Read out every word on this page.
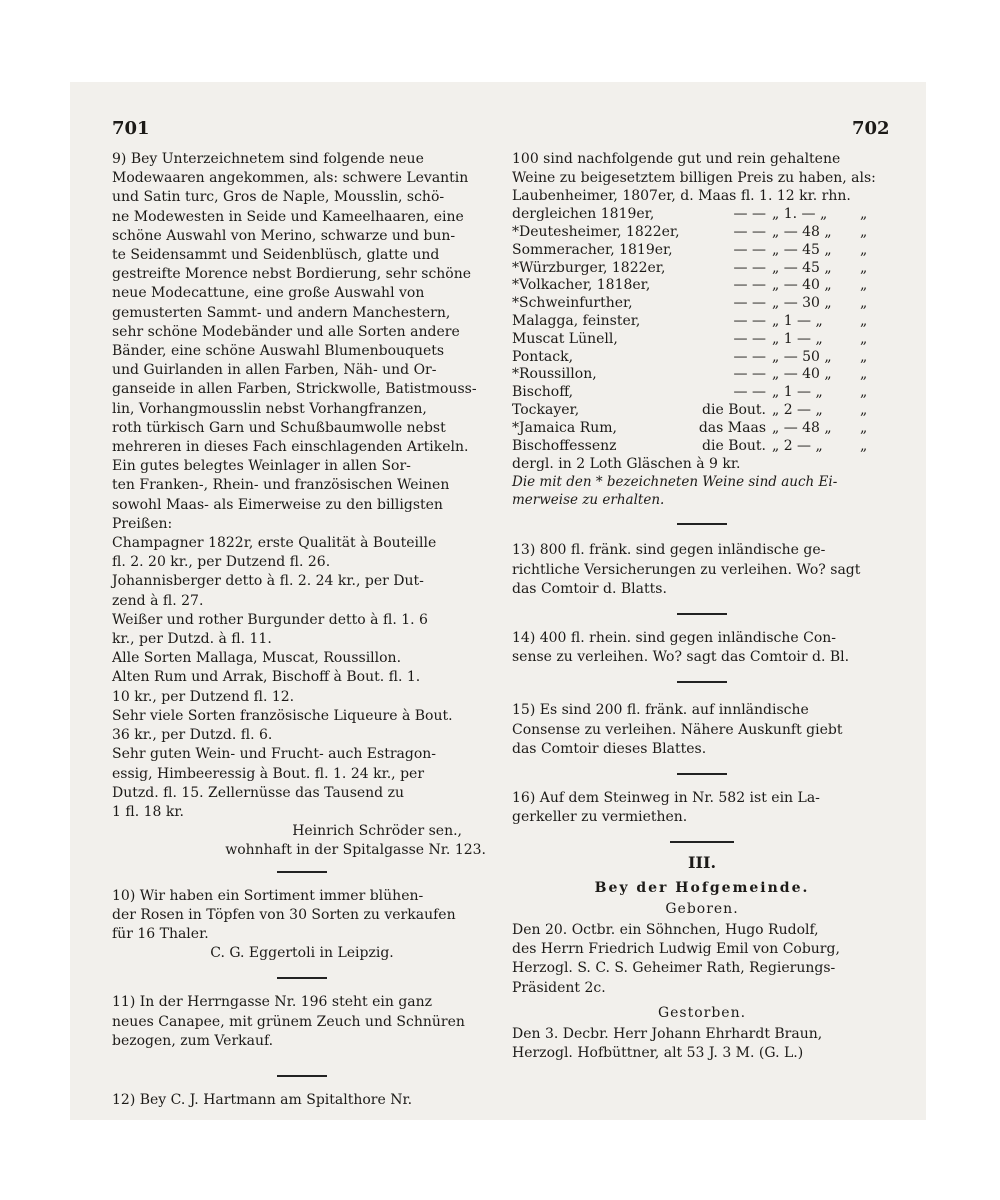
701	702
9) Bey Unterzeichnetem sind folgende neue
Modewaaren angekommen, als: schwere Levantin
und Satin turc, Gros de Naple, Mousslin, schö-
ne Modewesten in Seide und Kameelhaaren, eine
schöne Auswahl von Merino, schwarze und bun-
te Seidensammt und Seidenblüsch, glatte und
gestreifte Morence nebst Bordierung, sehr schöne
neue Modecattune, eine große Auswahl von
gemusterten Sammt- und andern Manchestern,
sehr schöne Modebänder und alle Sorten andere
Bänder, eine schöne Auswahl Blumenbouquets
und Guirlanden in allen Farben, Näh- und Or-
ganseide in allen Farben, Strickwolle, Batistmouss-
lin, Vorhangmousslin nebst Vorhangfranzen,
roth türkisch Garn und Schußbaumwolle nebst
mehreren in dieses Fach einschlagenden Artikeln.
Ein gutes belegtes Weinlager in allen Sor-
ten Franken-, Rhein- und französischen Weinen
sowohl Maas- als Eimerweise zu den billigsten
Preißen:
Champagner 1822r, erste Qualität à Bouteille
fl. 2. 20 kr., per Dutzend fl. 26.
Johannisberger detto à fl. 2. 24 kr., per Dut-
zend à fl. 27.
Weißer und rother Burgunder detto à fl. 1. 6
kr., per Dutzd. à fl. 11.
Alle Sorten Mallaga, Muscat, Roussillon.
Alten Rum und Arrak, Bischoff à Bout. fl. 1.
10 kr., per Dutzend fl. 12.
Sehr viele Sorten französische Liqueure à Bout.
36 kr., per Dutzd. fl. 6.
Sehr guten Wein- und Frucht- auch Estragon-
essig, Himbeeressig à Bout. fl. 1. 24 kr., per
Dutzd. fl. 15. Zellernüsse das Tausend zu
1 fl. 18 kr.
Heinrich Schröder sen.,
wohnhaft in der Spitalgasse Nr. 123.
10) Wir haben ein Sortiment immer blühen-
der Rosen in Töpfen von 30 Sorten zu verkaufen
für 16 Thaler.
C. G. Eggertoli in Leipzig.
11) In der Herrngasse Nr. 196 steht ein ganz
neues Canapee, mit grünem Zeuch und Schnüren
bezogen, zum Verkauf.
12) Bey C. J. Hartmann am Spitalthore Nr.
100 sind nachfolgende gut und rein gehaltene
Weine zu beigesetztem billigen Preis zu haben, als:
Laubenheimer, 1807er, d. Maas fl. 1. 12 kr. rhn.
dergleichen 1819er,	— — „ 1. — „	„
*Deutesheimer, 1822er,	— — „ — 48 „	„
Sommeracher, 1819er,	— — „ — 45 „	„
*Würzburger, 1822er,	— — „ — 45 „	„
*Volkacher, 1818er,	— — „ — 40 „	„
*Schweinfurther,	— — „ — 30 „	„
Malagga, feinster,	— — „ 1 — „	„
Muscat Lünell,	— — „ 1 — „	„
Pontack,	— — „ — 50 „	„
*Roussillon,	— — „ — 40 „	„
Bischoff,	— — „ 1 — „	„
Tockayer,	die Bout. „ 2 — „	„
*Jamaica Rum,	das Maas „ — 48 „	„
Bischoffessenz	die Bout. „ 2 — „	„
dergl. in 2 Loth Gläschen à 9 kr.
Die mit den * bezeichneten Weine sind auch Ei-
merweise zu erhalten.
13) 800 fl. fränk. sind gegen inländische ge-
richtliche Versicherungen zu verleihen. Wo? sagt
das Comtoir d. Blatts.
14) 400 fl. rhein. sind gegen inländische Con-
sense zu verleihen. Wo? sagt das Comtoir d. Bl.
15) Es sind 200 fl. fränk. auf innländische
Consense zu verleihen. Nähere Auskunft giebt
das Comtoir dieses Blattes.
16) Auf dem Steinweg in Nr. 582 ist ein La-
gerkeller zu vermiethen.
III.
Bey der Hofgemeinde.
Geboren.
Den 20. Octbr. ein Söhnchen, Hugo Rudolf,
des Herrn Friedrich Ludwig Emil von Coburg,
Herzogl. S. C. S. Geheimer Rath, Regierungs-
Präsident 2c.
Gestorben.
Den 3. Decbr. Herr Johann Ehrhardt Braun,
Herzogl. Hofbüttner, alt 53 J. 3 M. (G. L.)
